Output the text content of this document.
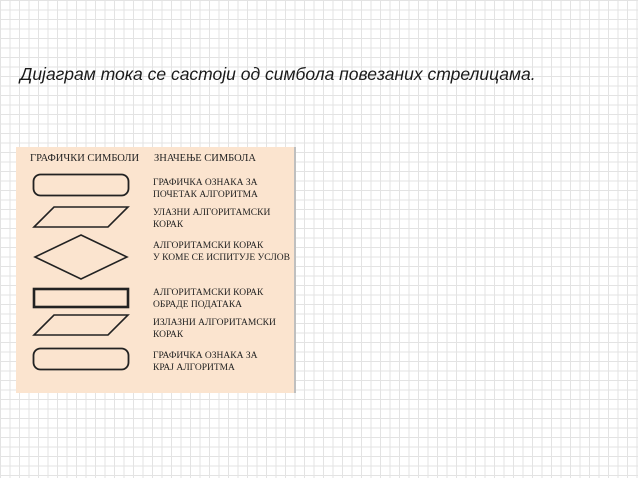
Дијаграм тока се састоји од симбола повезаних стрелицама.
ГРАФИЧКИ СИМБОЛИ ЗНАЧЕЊЕ СИМБОЛА
ГРАФИЧКА ОЗНАКА ЗА
ПОЧЕТАК АЛГОРИТМА
УЛАЗНИ АЛГОРИТАМСКИ
КОРАК
АЛГОРИТАМСКИ КОРАК
У КОМЕ СЕ ИСПИТУЈЕ УСЛОВ
АЛГОРИТАМСКИ КОРАК
ОБРАДЕ ПОДАТАКА
ИЗЛАЗНИ АЛГОРИТАМСКИ
КОРАК
ГРАФИЧКА ОЗНАКА ЗА
КРАЈ АЛГОРИТМА
